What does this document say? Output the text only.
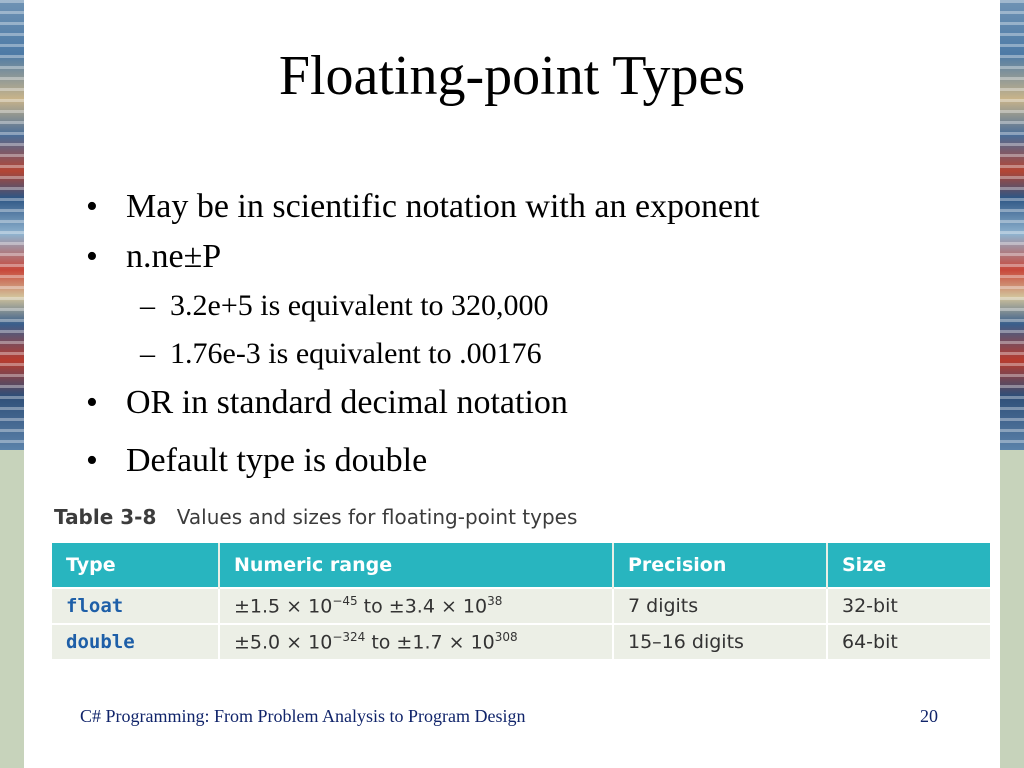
Floating-point Types
• May be in scientific notation with an exponent
• n.ne±P
– 3.2e+5 is equivalent to 320,000
– 1.76e-3 is equivalent to .00176
• OR in standard decimal notation
• Default type is double
Table 3-8 Values and sizes for floating-point types
Type	Numeric range	Precision	Size
float	$\pm 1.5 \times 10^{-45}$ to $\pm 3.4 \times 10^{38}$	7 digits	32-bit
double	$\pm 5.0 \times 10^{-324}$ to $\pm 1.7 \times 10^{308}$	15–16 digits	64-bit
C# Programming: From Problem Analysis to Program Design	20
